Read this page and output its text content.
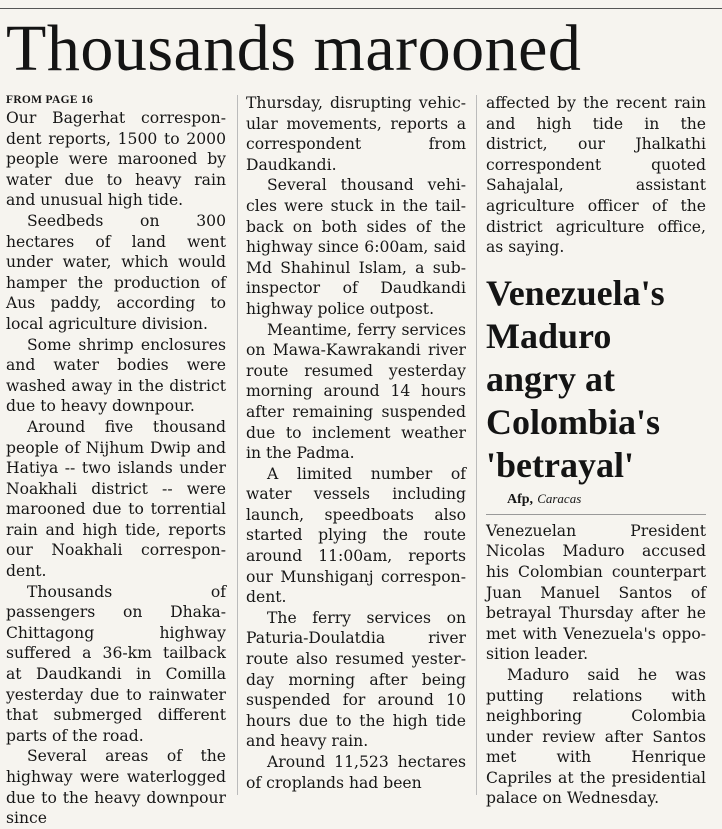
Thousands marooned
FROM PAGE 16

Our Bagerhat correspondent reports, 1500 to 2000 people were marooned by water due to heavy rain and unusual high tide.

Seedbeds on 300 hectares of land went under water, which would hamper the production of Aus paddy, according to local agriculture division.

Some shrimp enclosures and water bodies were washed away in the district due to heavy downpour.

Around five thousand people of Nijhum Dwip and Hatiya -- two islands under Noakhali district -- were marooned due to torrential rain and high tide, reports our Noakhali correspondent.

Thousands of passengers on Dhaka-Chittagong highway suffered a 36-km tailback at Daudkandi in Comilla yesterday due to rainwater that submerged different parts of the road.

Several areas of the highway were waterlogged due to the heavy downpour since

Thursday, disrupting vehicular movements, reports a correspondent from Daudkandi.

Several thousand vehicles were stuck in the tailback on both sides of the highway since 6:00am, said Md Shahinul Islam, a sub-inspector of Daudkandi highway police outpost.

Meantime, ferry services on Mawa-Kawrakandi river route resumed yesterday morning around 14 hours after remaining suspended due to inclement weather in the Padma.

A limited number of water vessels including launch, speedboats also started plying the route around 11:00am, reports our Munshiganj correspondent.

The ferry services on Paturia-Doulatdia river route also resumed yesterday morning after being suspended for around 10 hours due to the high tide and heavy rain.

Around 11,523 hectares of croplands had been

affected by the recent rain and high tide in the district, our Jhalkathi correspondent quoted Sahajalal, assistant agriculture officer of the district agriculture office, as saying.

Venezuela's Maduro angry at Colombia's 'betrayal'

Afp, Caracas

Venezuelan President Nicolas Maduro accused his Colombian counterpart Juan Manuel Santos of betrayal Thursday after he met with Venezuela's opposition leader.

Maduro said he was putting relations with neighboring Colombia under review after Santos met with Henrique Capriles at the presidential palace on Wednesday.
